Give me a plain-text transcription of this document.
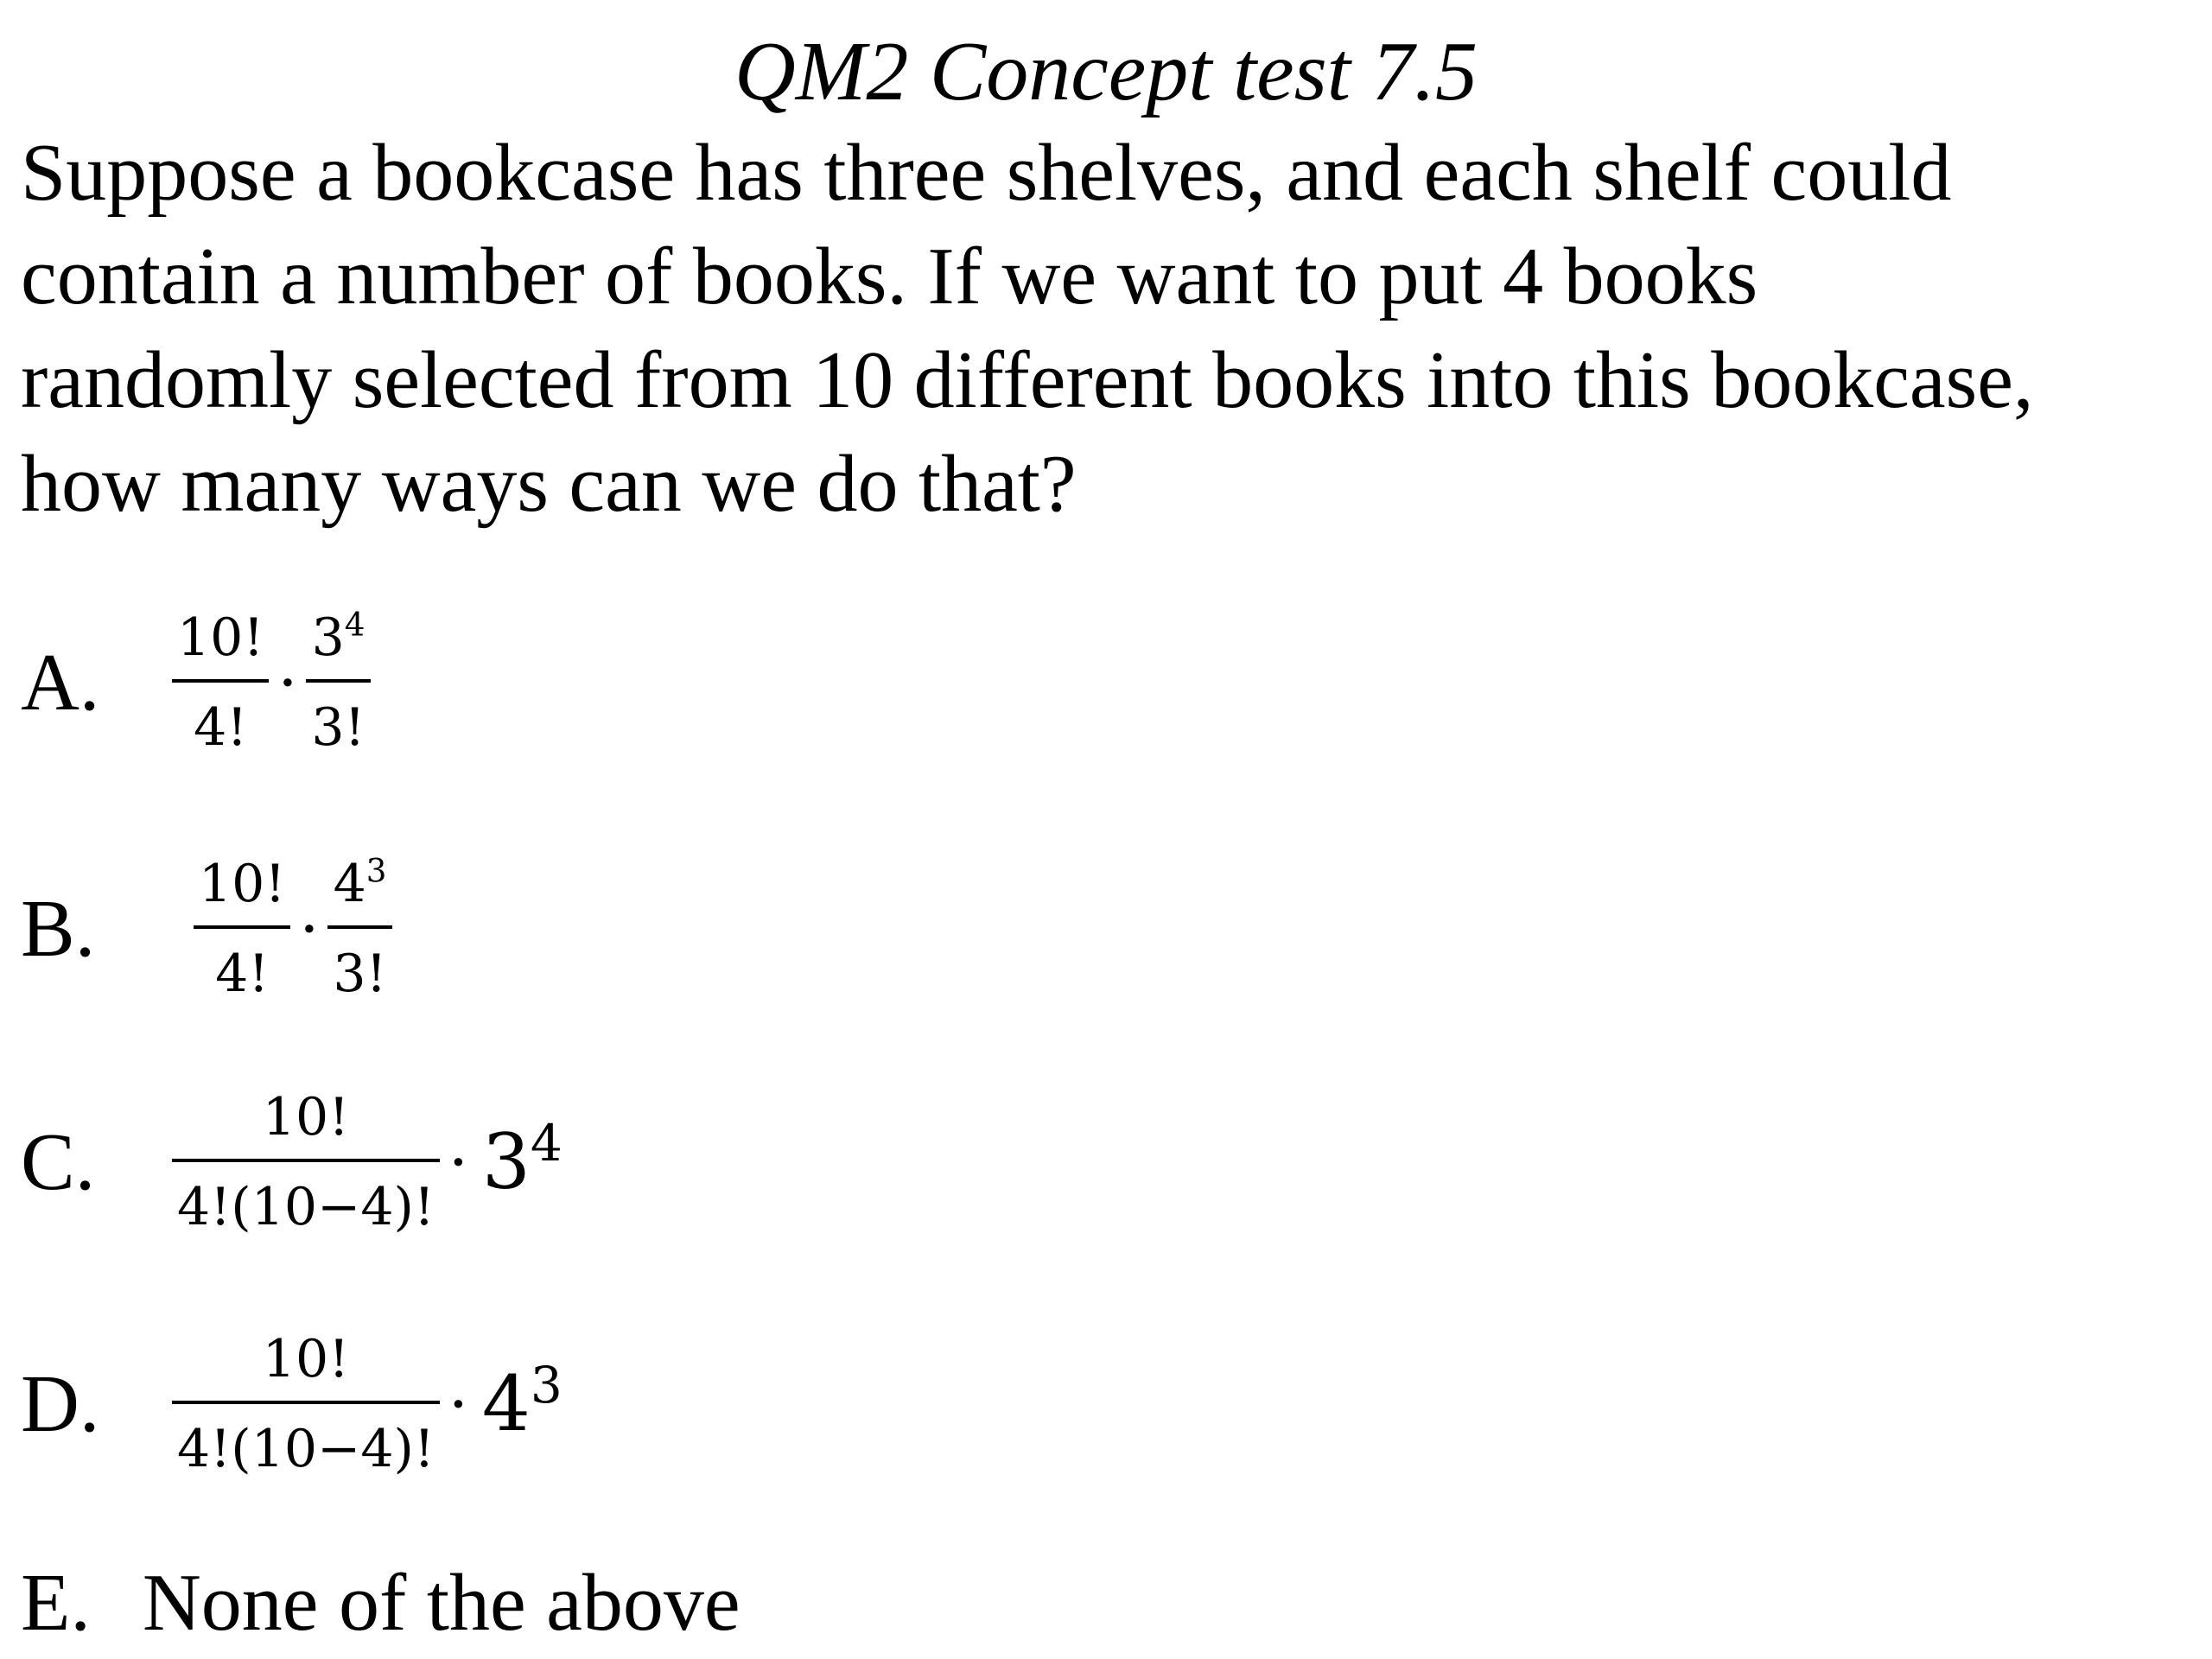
QM2 Concept test 7.5

Suppose a bookcase has three shelves, and each shelf could
contain a number of books. If we want to put 4 books
randomly selected from 10 different books into this bookcase,
how many ways can we do that?

A.	$\frac{10!}{4!} \cdot \frac{3^4}{3!}$
B.	$\frac{10!}{4!} \cdot \frac{4^3}{3!}$
C.	$\frac{10!}{4!(10-4)!} \cdot 3^4$
D.	$\frac{10!}{4!(10-4)!} \cdot 4^3$
E. None of the above
